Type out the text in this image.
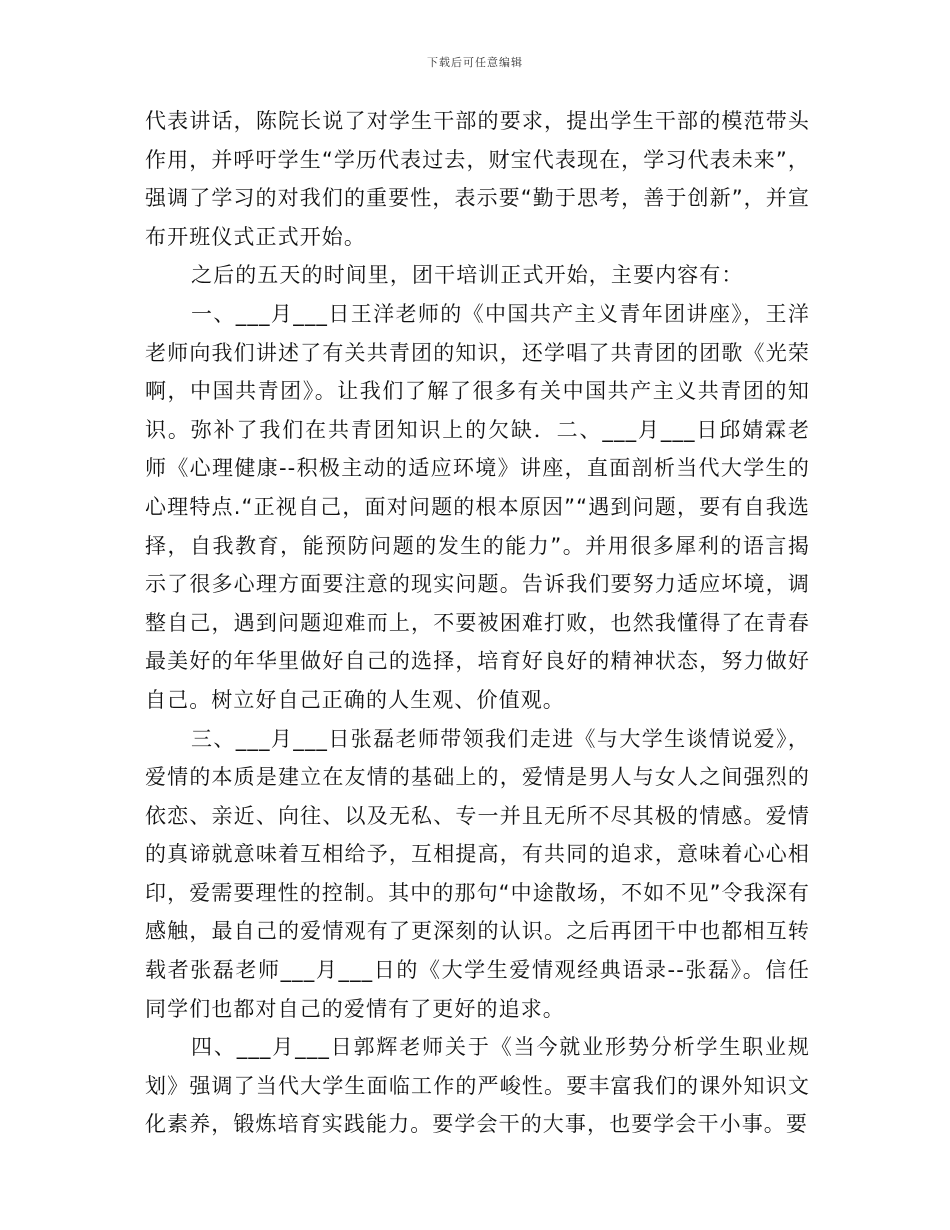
下载后可任意编辑

代表讲话，陈院长说了对学生干部的要求，提出学生干部的模范带头作用，并呼吁学生“学历代表过去，财宝代表现在，学习代表未来”，强调了学习的对我们的重要性，表示要“勤于思考，善于创新”，并宣布开班仪式正式开始。

之后的五天的时间里，团干培训正式开始，主要内容有：

一、___月___日王洋老师的《中国共产主义青年团讲座》，王洋老师向我们讲述了有关共青团的知识，还学唱了共青团的团歌《光荣啊，中国共青团》。让我们了解了很多有关中国共产主义共青团的知识。弥补了我们在共青团知识上的欠缺．二、___月___日邱婧霖老师《心理健康--积极主动的适应环境》讲座，直面剖析当代大学生的心理特点.“正视自己，面对问题的根本原因”“遇到问题，要有自我选择，自我教育，能预防问题的发生的能力”。并用很多犀利的语言揭示了很多心理方面要注意的现实问题。告诉我们要努力适应坏境，调整自己，遇到问题迎难而上，不要被困难打败，也然我懂得了在青春最美好的年华里做好自己的选择，培育好良好的精神状态，努力做好自己。树立好自己正确的人生观、价值观。

三、___月___日张磊老师带领我们走进《与大学生谈情说爱》，爱情的本质是建立在友情的基础上的，爱情是男人与女人之间强烈的依恋、亲近、向往、以及无私、专一并且无所不尽其极的情感。爱情的真谛就意味着互相给予，互相提高，有共同的追求，意味着心心相印，爱需要理性的控制。其中的那句“中途散场，不如不见”令我深有感触，最自己的爱情观有了更深刻的认识。之后再团干中也都相互转载者张磊老师___月___日的《大学生爱情观经典语录--张磊》。信任同学们也都对自己的爱情有了更好的追求。

四、___月___日郭辉老师关于《当今就业形势分析学生职业规划》强调了当代大学生面临工作的严峻性。要丰富我们的课外知识文化素养，锻炼培育实践能力。要学会干的大事，也要学会干小事。要
